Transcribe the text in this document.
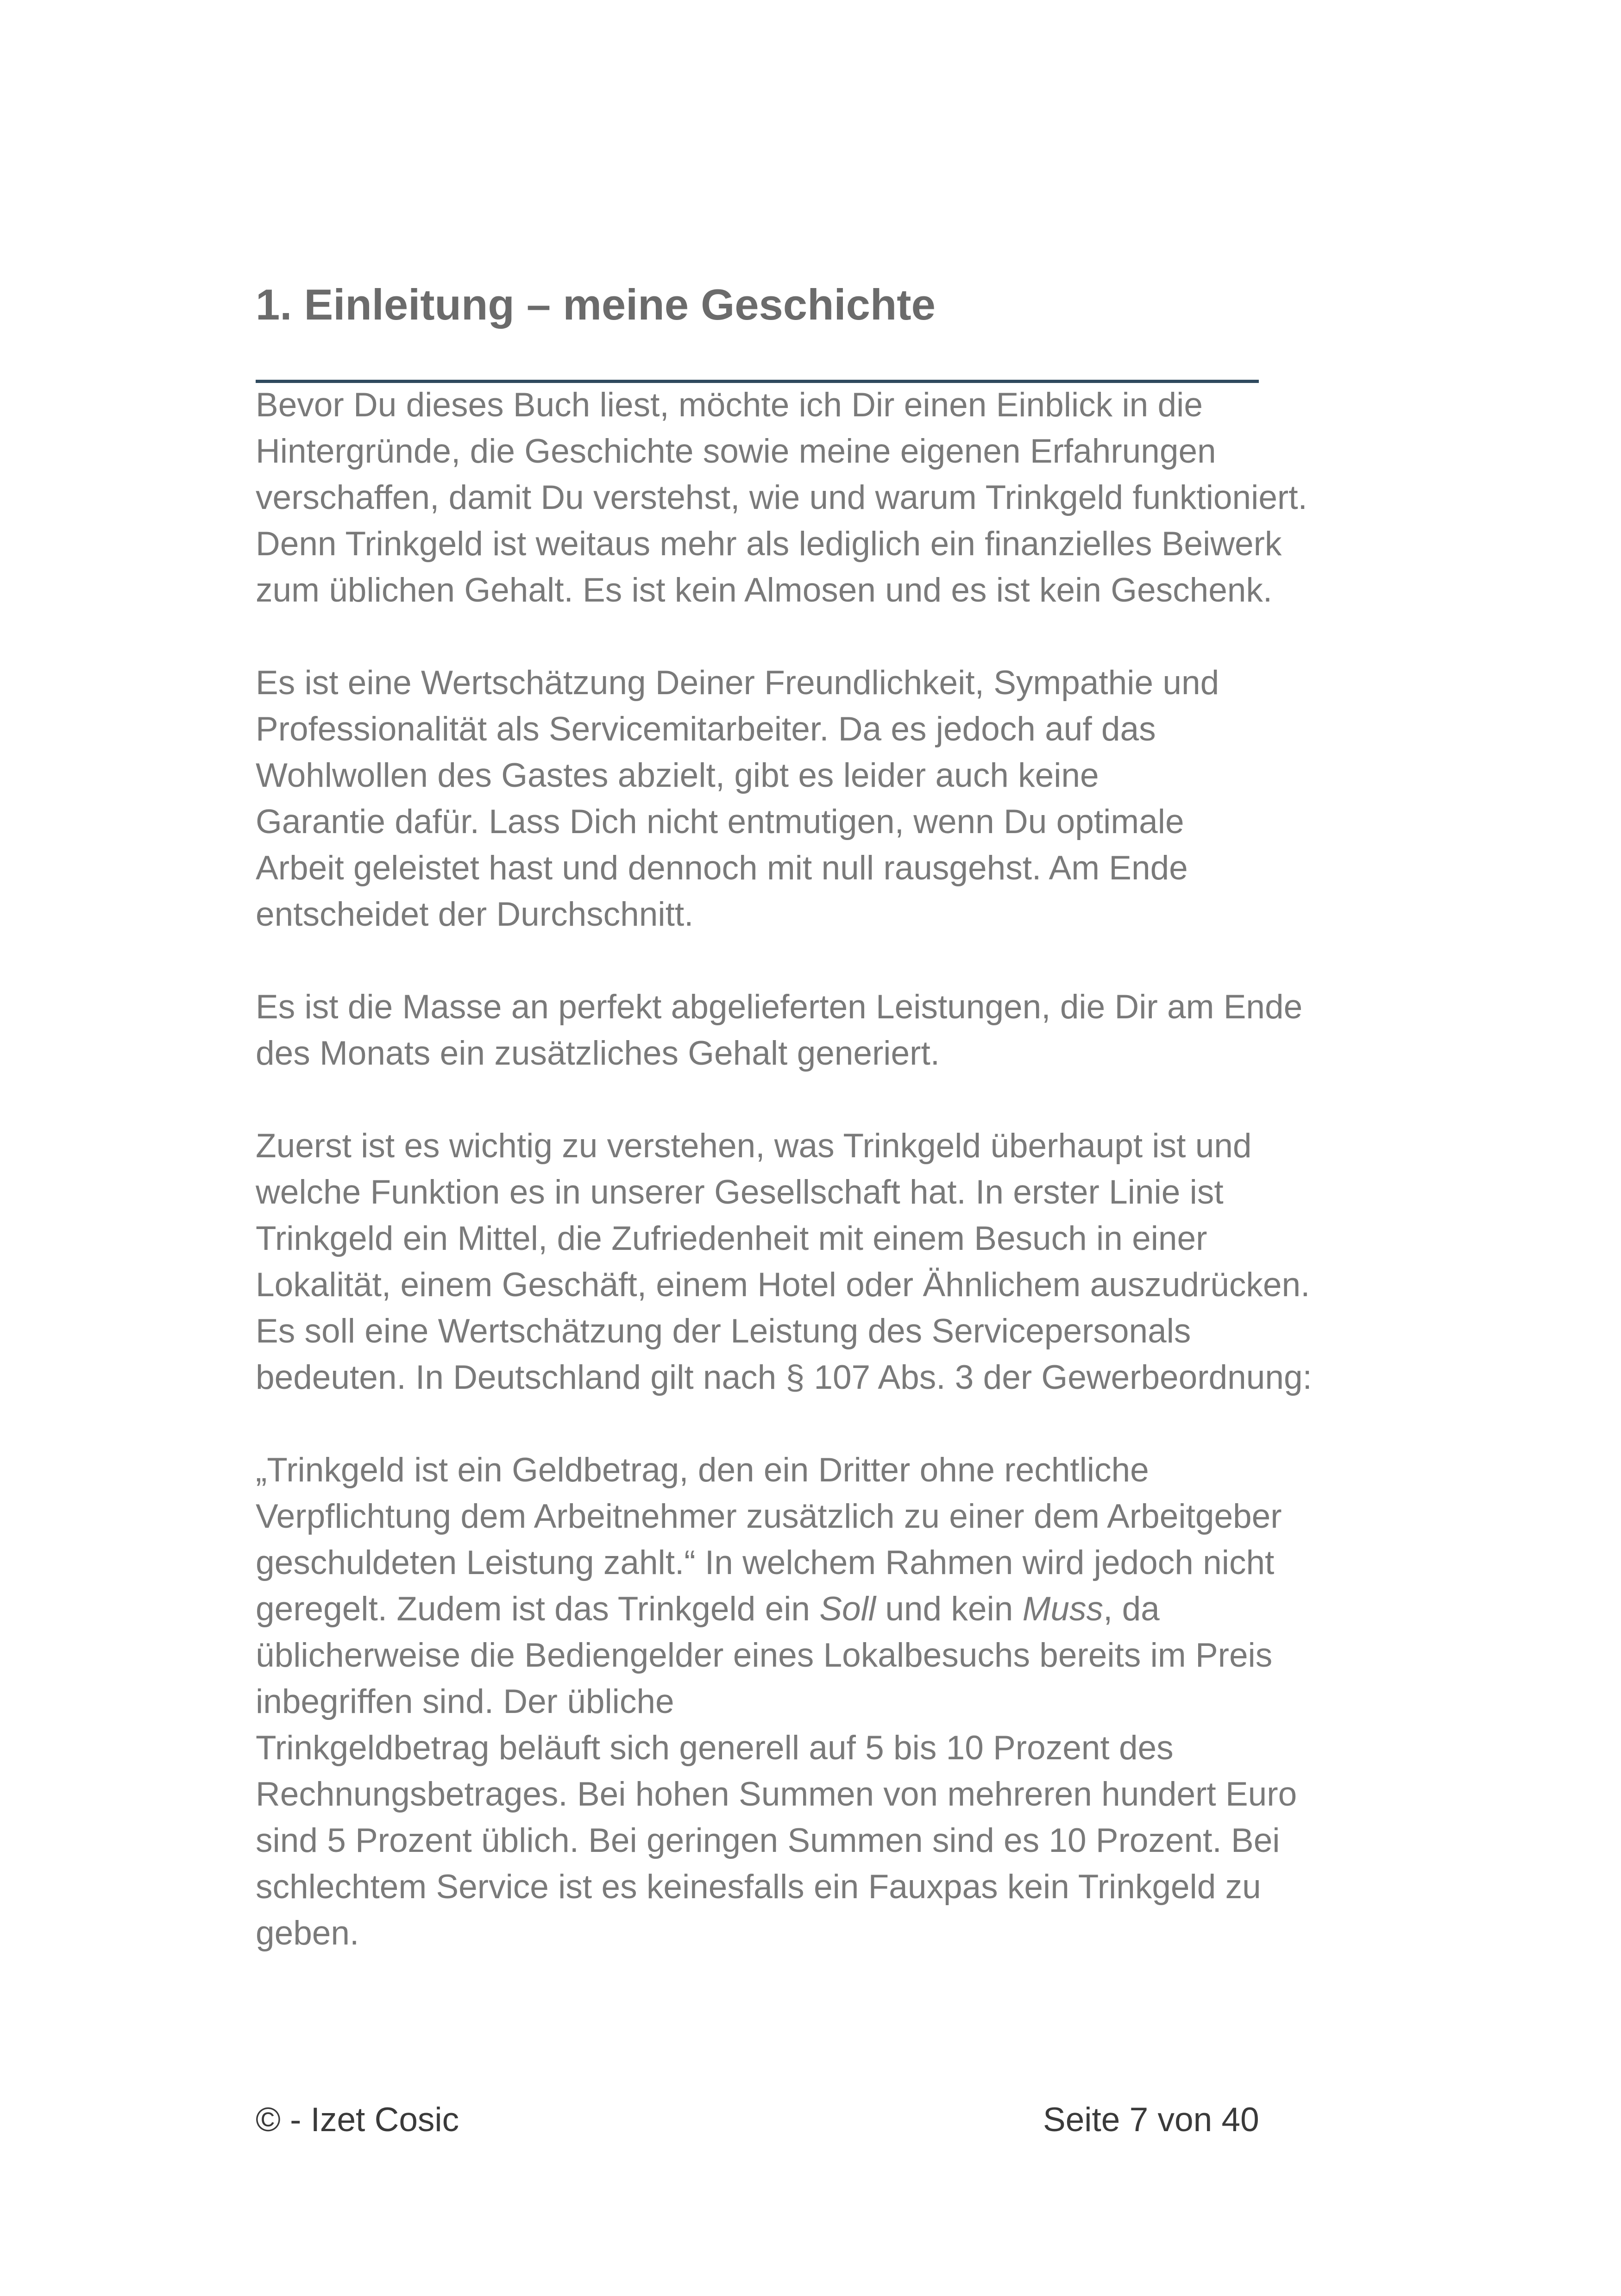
1. Einleitung – meine Geschichte

Bevor Du dieses Buch liest, möchte ich Dir einen Einblick in die
Hintergründe, die Geschichte sowie meine eigenen Erfahrungen
verschaffen, damit Du verstehst, wie und warum Trinkgeld funktioniert.
Denn Trinkgeld ist weitaus mehr als lediglich ein finanzielles Beiwerk
zum üblichen Gehalt. Es ist kein Almosen und es ist kein Geschenk.

Es ist eine Wertschätzung Deiner Freundlichkeit, Sympathie und
Professionalität als Servicemitarbeiter. Da es jedoch auf das
Wohlwollen des Gastes abzielt, gibt es leider auch keine
Garantie dafür. Lass Dich nicht entmutigen, wenn Du optimale
Arbeit geleistet hast und dennoch mit null rausgehst. Am Ende
entscheidet der Durchschnitt.

Es ist die Masse an perfekt abgelieferten Leistungen, die Dir am Ende
des Monats ein zusätzliches Gehalt generiert.

Zuerst ist es wichtig zu verstehen, was Trinkgeld überhaupt ist und
welche Funktion es in unserer Gesellschaft hat. In erster Linie ist
Trinkgeld ein Mittel, die Zufriedenheit mit einem Besuch in einer
Lokalität, einem Geschäft, einem Hotel oder Ähnlichem auszudrücken.
Es soll eine Wertschätzung der Leistung des Servicepersonals
bedeuten. In Deutschland gilt nach § 107 Abs. 3 der Gewerbeordnung:

„Trinkgeld ist ein Geldbetrag, den ein Dritter ohne rechtliche
Verpflichtung dem Arbeitnehmer zusätzlich zu einer dem Arbeitgeber
geschuldeten Leistung zahlt.“ In welchem Rahmen wird jedoch nicht
geregelt. Zudem ist das Trinkgeld ein Soll und kein Muss, da
üblicherweise die Bediengelder eines Lokalbesuchs bereits im Preis
inbegriffen sind. Der übliche
Trinkgeldbetrag beläuft sich generell auf 5 bis 10 Prozent des
Rechnungsbetrages. Bei hohen Summen von mehreren hundert Euro
sind 5 Prozent üblich. Bei geringen Summen sind es 10 Prozent. Bei
schlechtem Service ist es keinesfalls ein Fauxpas kein Trinkgeld zu
geben.

© - Izet Cosic	Seite 7 von 40
